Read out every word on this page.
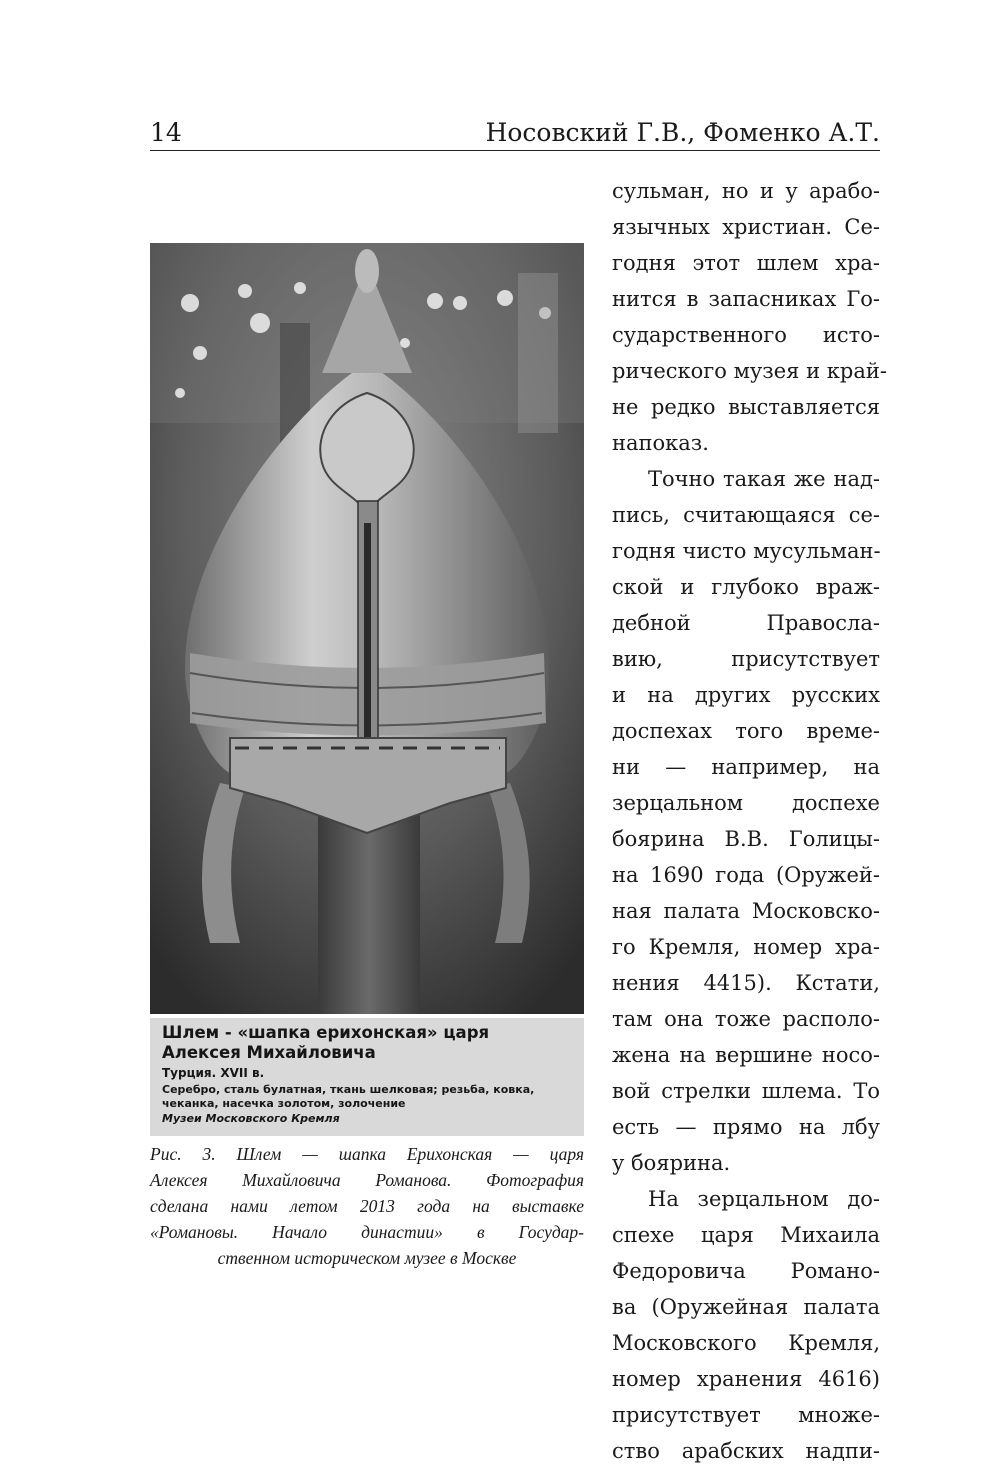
14	Носовский Г.В., Фоменко А.Т.
Шлем - «шапка ерихонская» царя Алексея Михайловича
Турция. XVII в.
Серебро, сталь булатная, ткань шелковая; резьба, ковка, чеканка, насечка золотом, золочение
Музеи Московского Кремля
Рис. 3. Шлем — шапка Ерихонская — царя
Алексея Михайловича Романова. Фотография
сделана нами летом 2013 года на выставке
«Романовы. Начало династии» в Государ-
ственном историческом музее в Москве
сульман, но и у арабо-
язычных христиан. Се-
годня этот шлем хра-
нится в запасниках Го-
сударственного исто-
рического музея и край-
не редко выставляется
напоказ.
Точно такая же над-
пись, считающаяся се-
годня чисто мусульман-
ской и глубоко враж-
дебной Правосла-
вию, присутствует
и на других русских
доспехах того време-
ни — например, на
зерцальном доспехе
боярина В.В. Голицы-
на 1690 года (Оружей-
ная палата Московско-
го Кремля, номер хра-
нения 4415). Кстати,
там она тоже располо-
жена на вершине носо-
вой стрелки шлема. То
есть — прямо на лбу
у боярина.
На зерцальном до-
спехе царя Михаила
Федоровича Романо-
ва (Оружейная палата
Московского Кремля,
номер хранения 4616)
присутствует множе-
ство арабских надпи-
